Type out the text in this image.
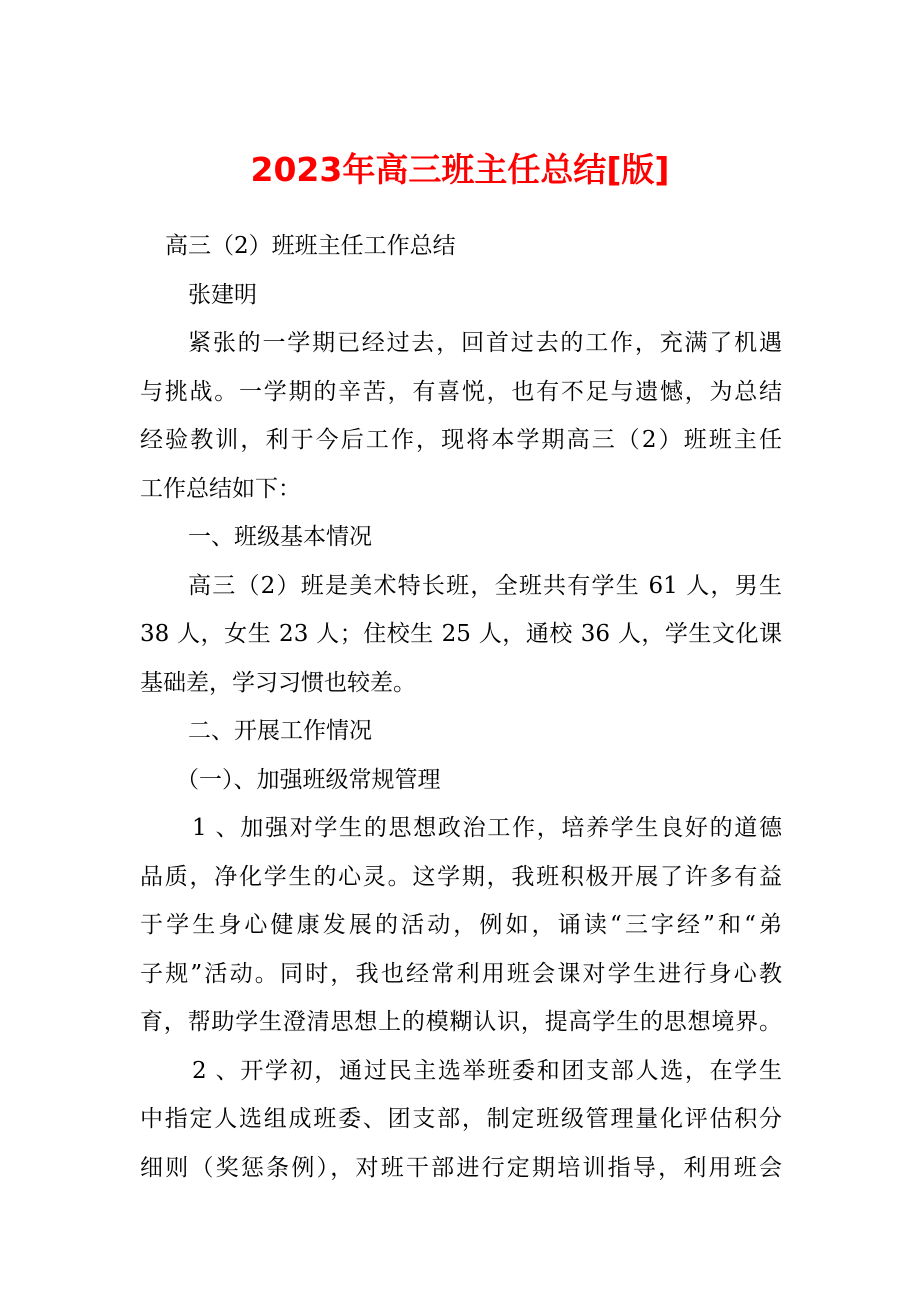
2023年高三班主任总结[版]
高三（2）班班主任工作总结
张建明
紧张的一学期已经过去，回首过去的工作，充满了机遇
与挑战。一学期的辛苦，有喜悦，也有不足与遗憾，为总结
经验教训，利于今后工作，现将本学期高三（2）班班主任
工作总结如下：
一、班级基本情况
高三（2）班是美术特长班，全班共有学生 61 人，男生
38 人，女生 23 人；住校生 25 人，通校 36 人，学生文化课
基础差，学习习惯也较差。
二、开展工作情况
（一）、加强班级常规管理
1 、加强对学生的思想政治工作，培养学生良好的道德
品质，净化学生的心灵。这学期，我班积极开展了许多有益
于学生身心健康发展的活动，例如，诵读“三字经”和“弟
子规”活动。同时，我也经常利用班会课对学生进行身心教
育，帮助学生澄清思想上的模糊认识，提高学生的思想境界。
2 、开学初，通过民主选举班委和团支部人选，在学生
中指定人选组成班委、团支部，制定班级管理量化评估积分
细则（奖惩条例），对班干部进行定期培训指导，利用班会
